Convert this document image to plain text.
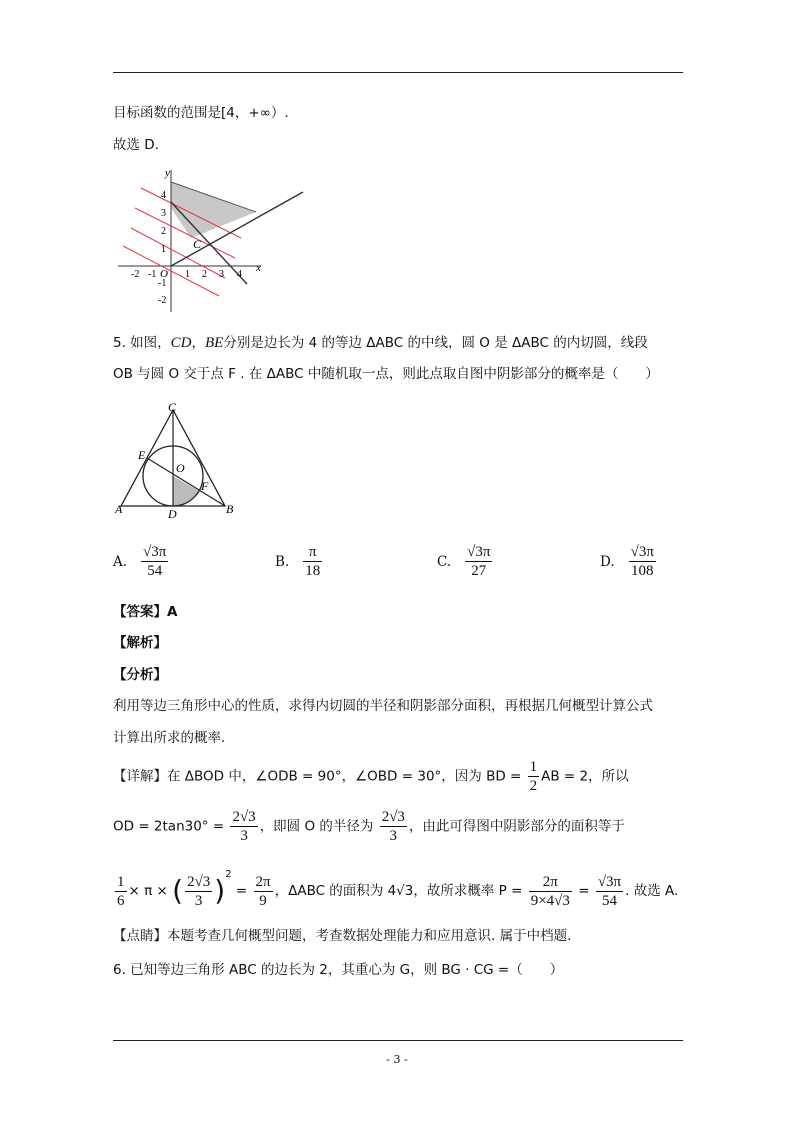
目标函数的范围是[4，+∞）.
故选 D.
y
x
C
O
-2 -1	1 2 3 4
4
3
2
1
-1
-2
5. 如图，CD，BE分别是边长为 4 的等边 ΔABC 的中线，圆 O 是 ΔABC 的内切圆，线段
OB 与圆 O 交于点 F . 在 ΔABC 中随机取一点，则此点取自图中阴影部分的概率是（　　）
C
E
O
F
A	D	B
A. $\frac{√3\pi}{54}$	B. $\frac{\pi}{18}$	C. $\frac{√3\pi}{27}$	D. $\frac{√3\pi}{108}$
【答案】A
【解析】
【分析】
利用等边三角形中心的性质，求得内切圆的半径和阴影部分面积，再根据几何概型计算公式
计算出所求的概率.
【详解】在 ΔBOD 中，∠ODB = 90°，∠OBD = 30°，因为 BD = $\frac{1}{2}$ AB = 2，所以
OD = $2\tan 30^\circ = \frac{2√3}{3}$ ，即圆 O 的半径为 $\frac{2√3}{3}$ ，由此可得图中阴影部分的面积等于
$\frac{1}{6} \times \pi$ × ( $\frac{2√3}{3} )^2 = \frac{2\pi}{9}$ ，ΔABC 的面积为 4√3，故所求概率 $P = \frac{2\pi}{9\times 4√3} = \frac{√3\pi}{54}$ . 故选 A.
【点睛】本题考查几何概型问题，考查数据处理能力和应用意识. 属于中档题.
6. 已知等边三角形 ABC 的边长为 2，其重心为 G，则 BG · CG =（　　）
- 3 -
